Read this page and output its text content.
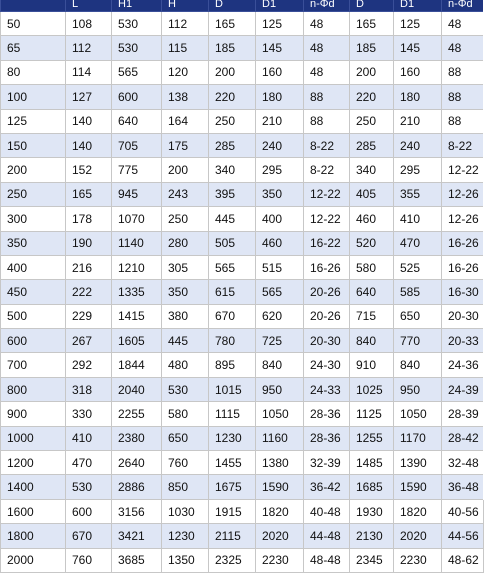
	L	H1	H	D	D1	n-Φd	D	D1	n-Φd
50	108	530	112	165	125	48	165	125	48
65	112	530	115	185	145	48	185	145	48
80	114	565	120	200	160	48	200	160	88
100	127	600	138	220	180	88	220	180	88
125	140	640	164	250	210	88	250	210	88
150	140	705	175	285	240	8-22	285	240	8-22
200	152	775	200	340	295	8-22	340	295	12-22
250	165	945	243	395	350	12-22	405	355	12-26
300	178	1070	250	445	400	12-22	460	410	12-26
350	190	1140	280	505	460	16-22	520	470	16-26
400	216	1210	305	565	515	16-26	580	525	16-26
450	222	1335	350	615	565	20-26	640	585	16-30
500	229	1415	380	670	620	20-26	715	650	20-30
600	267	1605	445	780	725	20-30	840	770	20-33
700	292	1844	480	895	840	24-30	910	840	24-36
800	318	2040	530	1015	950	24-33	1025	950	24-39
900	330	2255	580	1115	1050	28-36	1125	1050	28-39
1000	410	2380	650	1230	1160	28-36	1255	1170	28-42
1200	470	2640	760	1455	1380	32-39	1485	1390	32-48
1400	530	2886	850	1675	1590	36-42	1685	1590	36-48
1600	600	3156	1030	1915	1820	40-48	1930	1820	40-56
1800	670	3421	1230	2115	2020	44-48	2130	2020	44-56
2000	760	3685	1350	2325	2230	48-48	2345	2230	48-62
